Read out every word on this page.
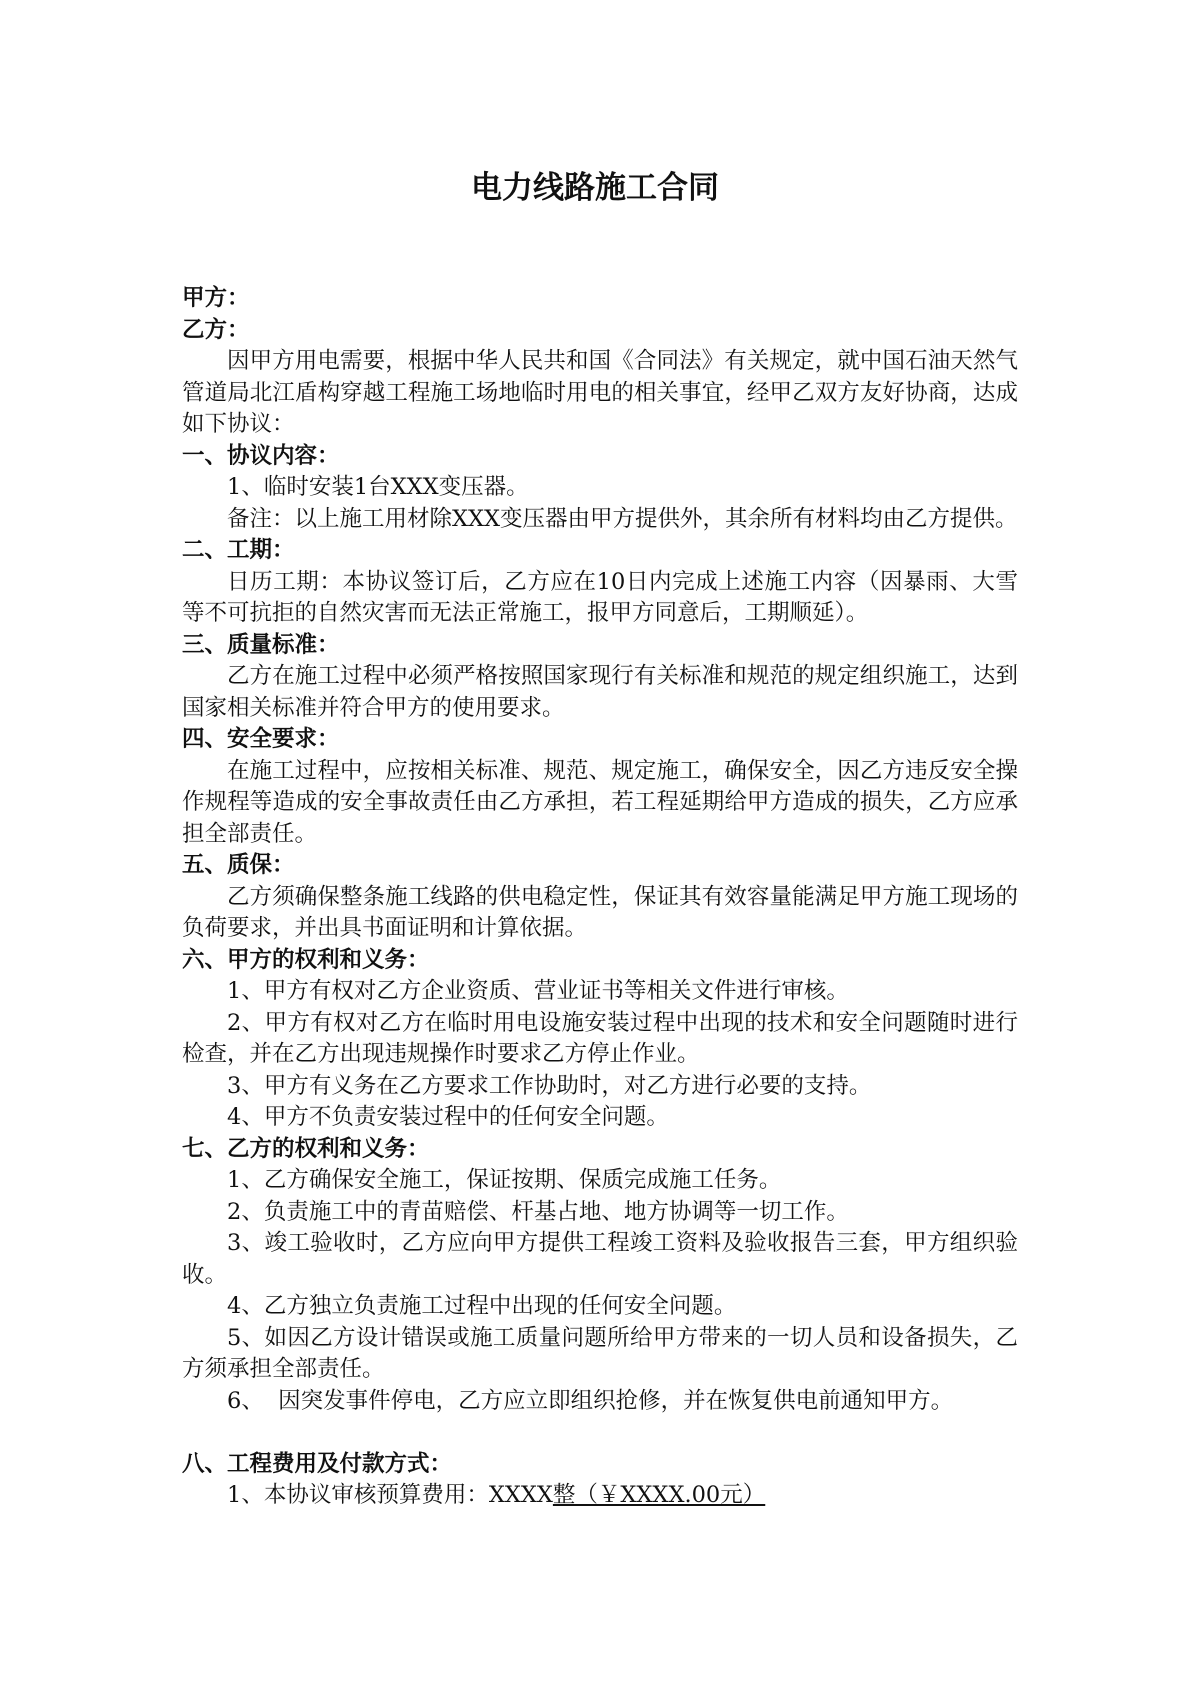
电力线路施工合同

甲方：

乙方：

因甲方用电需要，根据中华人民共和国《合同法》有关规定，就中国石油天然气管道局北江盾构穿越工程施工场地临时用电的相关事宜，经甲乙双方友好协商，达成如下协议：

一、协议内容：

1、临时安装1台XXX变压器。

备注：以上施工用材除XXX变压器由甲方提供外，其余所有材料均由乙方提供。

二、工期：

日历工期：本协议签订后，乙方应在10日内完成上述施工内容（因暴雨、大雪等不可抗拒的自然灾害而无法正常施工，报甲方同意后，工期顺延）。

三、质量标准：

乙方在施工过程中必须严格按照国家现行有关标准和规范的规定组织施工，达到国家相关标准并符合甲方的使用要求。

四、安全要求：

在施工过程中，应按相关标准、规范、规定施工，确保安全，因乙方违反安全操作规程等造成的安全事故责任由乙方承担，若工程延期给甲方造成的损失，乙方应承担全部责任。

五、质保：

乙方须确保整条施工线路的供电稳定性，保证其有效容量能满足甲方施工现场的负荷要求，并出具书面证明和计算依据。

六、甲方的权利和义务：

1、甲方有权对乙方企业资质、营业证书等相关文件进行审核。

2、甲方有权对乙方在临时用电设施安装过程中出现的技术和安全问题随时进行检查，并在乙方出现违规操作时要求乙方停止作业。

3、甲方有义务在乙方要求工作协助时，对乙方进行必要的支持。

4、甲方不负责安装过程中的任何安全问题。

七、乙方的权利和义务：

1、乙方确保安全施工，保证按期、保质完成施工任务。

2、负责施工中的青苗赔偿、杆基占地、地方协调等一切工作。

3、竣工验收时，乙方应向甲方提供工程竣工资料及验收报告三套，甲方组织验收。

4、乙方独立负责施工过程中出现的任何安全问题。

5、如因乙方设计错误或施工质量问题所给甲方带来的一切人员和设备损失，乙方须承担全部责任。

6、  因突发事件停电，乙方应立即组织抢修，并在恢复供电前通知甲方。

八、工程费用及付款方式：

1、本协议审核预算费用：XXXX整（￥XXXX.00元）
